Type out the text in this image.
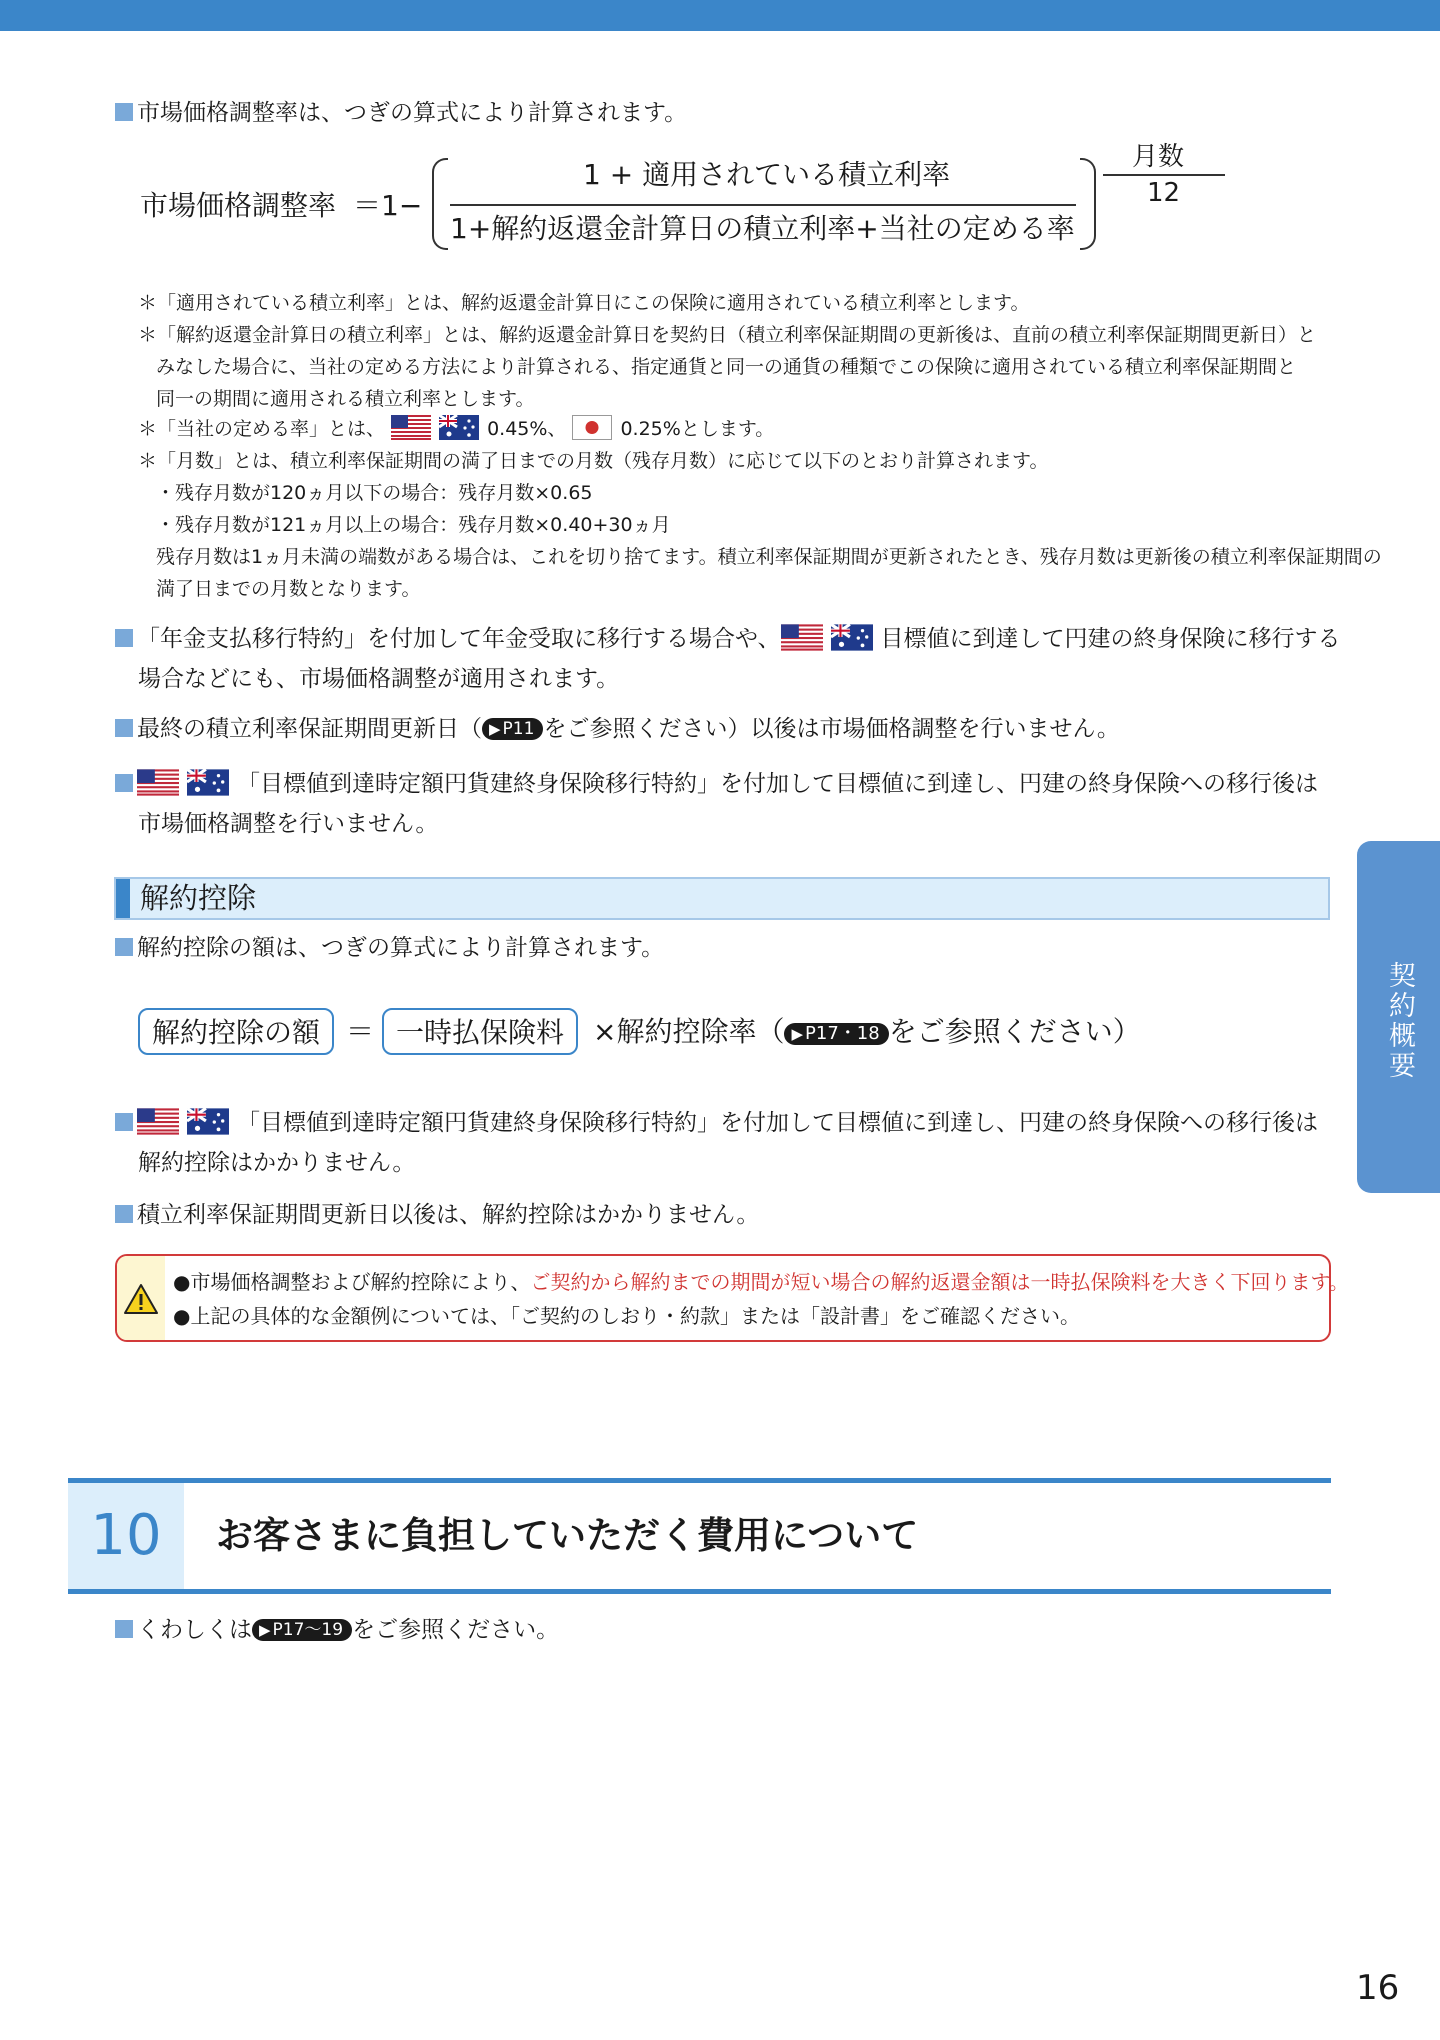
市場価格調整率は、つぎの算式により計算されます。
市場価格調整率 ＝1−
1 + 適用されている積立利率
1+解約返還金計算日の積立利率+当社の定める率
月数
12
＊「適用されている積立利率」とは、解約返還金計算日にこの保険に適用されている積立利率とします。
＊「解約返還金計算日の積立利率」とは、解約返還金計算日を契約日（積立利率保証期間の更新後は、直前の積立利率保証期間更新日）と
みなした場合に、当社の定める方法により計算される、指定通貨と同一の通貨の種類でこの保険に適用されている積立利率保証期間と
同一の期間に適用される積立利率とします。
＊「当社の定める率」とは、	0.45%、	0.25%とします。
＊「月数」とは、積立利率保証期間の満了日までの月数（残存月数）に応じて以下のとおり計算されます。
・残存月数が120ヵ月以下の場合：残存月数×0.65
・残存月数が121ヵ月以上の場合：残存月数×0.40+30ヵ月
残存月数は1ヵ月未満の端数がある場合は、これを切り捨てます。積立利率保証期間が更新されたとき、残存月数は更新後の積立利率保証期間の
満了日までの月数となります。
「年金支払移行特約」を付加して年金受取に移行する場合や、	目標値に到達して円建の終身保険に移行する
場合などにも、市場価格調整が適用されます。
最終の積立利率保証期間更新日（ ▶ P11 をご参照ください）以後は市場価格調整を行いません。
「目標値到達時定額円貨建終身保険移行特約」を付加して目標値に到達し、円建の終身保険への移行後は
市場価格調整を行いません。
解約控除
解約控除の額は、つぎの算式により計算されます。
解約控除の額 ＝ 一時払保険料	×解約控除率（ ▶ P17・18 をご参照ください）
「目標値到達時定額円貨建終身保険移行特約」を付加して目標値に到達し、円建の終身保険への移行後は
解約控除はかかりません。
積立利率保証期間更新日以後は、解約控除はかかりません。
●市場価格調整および解約控除により、ご契約から解約までの期間が短い場合の解約返還金額は一時払保険料を大きく下回ります。
●上記の具体的な金額例については、「ご契約のしおり・約款」または「設計書」をご確認ください。
10	お客さまに負担していただく費用について
くわしくは ▶ P17〜19 をご参照ください。
契約概要
16
